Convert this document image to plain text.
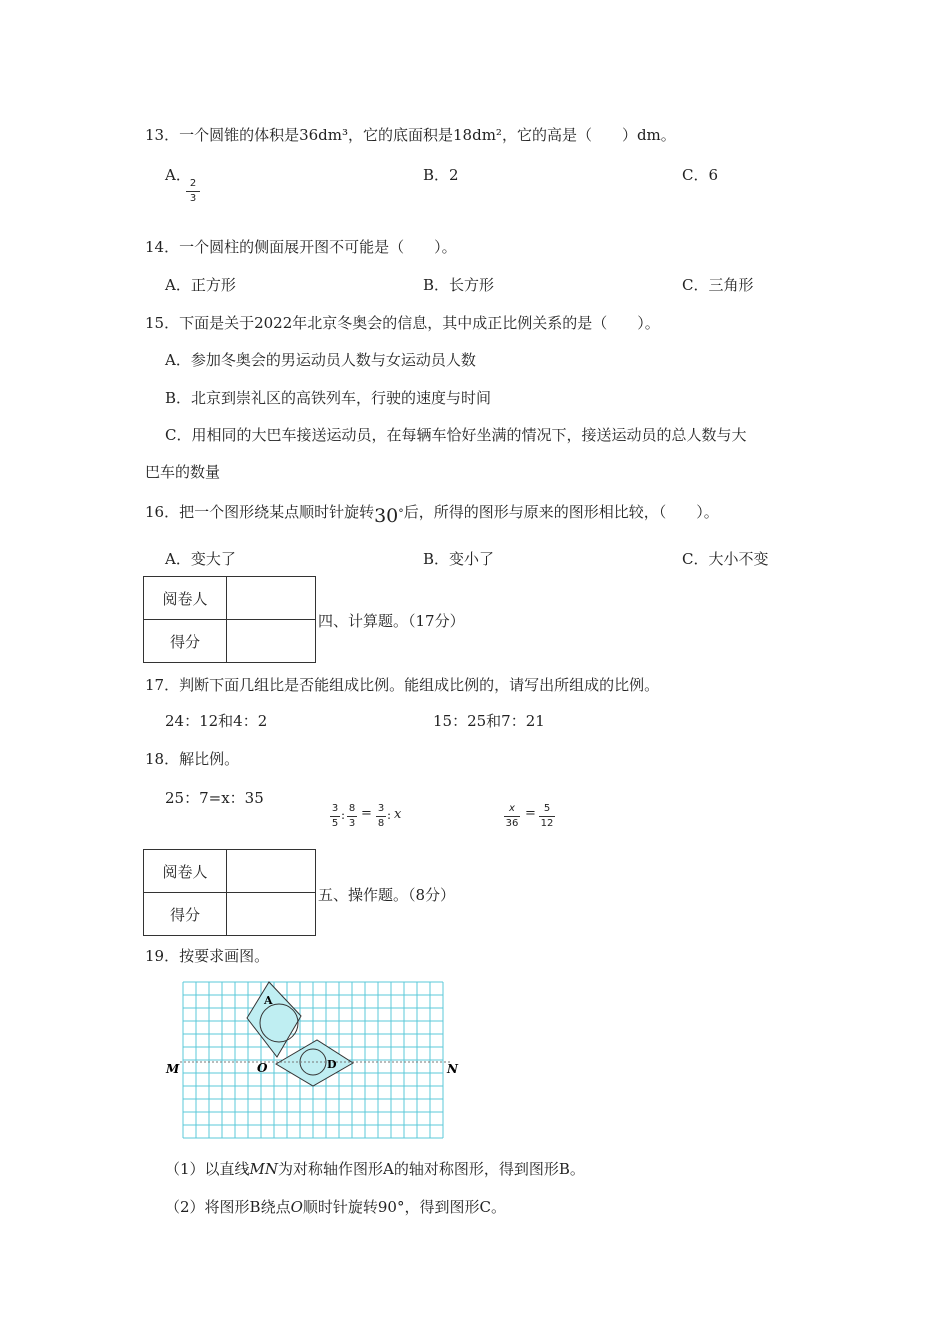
13．一个圆锥的体积是36dm³，它的底面积是18dm²，它的高是（　　）dm。
A．
2
3
B．2	C．6
14．一个圆柱的侧面展开图不可能是（　　）。
A．正方形	B．长方形	C．三角形
15．下面是关于2022年北京冬奥会的信息，其中成正比例关系的是（　　）。
A．参加冬奥会的男运动员人数与女运动员人数
B．北京到崇礼区的高铁列车，行驶的速度与时间
C．用相同的大巴车接送运动员，在每辆车恰好坐满的情况下，接送运动员的总人数与大
巴车的数量
16．把一个图形绕某点顺时针旋转30°后，所得的图形与原来的图形相比较，（　　）。
A．变大了	B．变小了	C．大小不变
阅卷人	
得分	
四、计算题。（17分）
17．判断下面几组比是否能组成比例。能组成比例的，请写出所组成的比例。
24：12和4：2	15：25和7：21
18．解比例。
25：7=x：35
3
5
: 8
3
= 3
8
: x	x
36
= 5
12
阅卷人	
得分	
五、操作题。（8分）
19．按要求画图。
A
D
M	O	N
（1）以直线MN为对称轴作图形A的轴对称图形，得到图形B。
（2）将图形B绕点O顺时针旋转90°，得到图形C。
